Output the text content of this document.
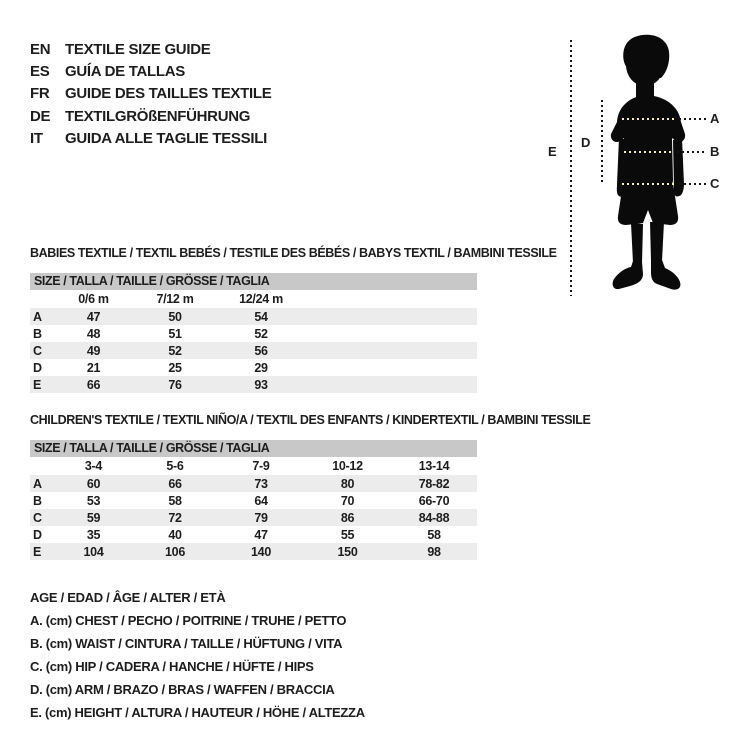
EN TEXTILE SIZE GUIDE
ES	GUÍA DE TALLAS
FR	GUIDE DES TAILLES TEXTILE
DE TEXTILGRÖßENFÜHRUNG
IT	GUIDA ALLE TAGLIE TESSILI
E
D
A
B
C
BABIES TEXTILE / TEXTIL BEBÉS / TESTILE DES BÉBÉS / BABYS TEXTIL / BAMBINI TESSILE
SIZE / TALLA / TAILLE / GRÖSSE / TAGLIA
0/6 m	7/12 m	12/24 m
A	47	50	54
B	48	51	52
C	49	52	56
D	21	25	29
E	66	76	93
CHILDREN'S TEXTILE / TEXTIL NIÑO/A / TEXTIL DES ENFANTS / KINDERTEXTIL / BAMBINI TESSILE
SIZE / TALLA / TAILLE / GRÖSSE / TAGLIA
3-4	5-6	7-9	10-12	13-14
A	60	66	73	80	78-82
B	53	58	64	70	66-70
C	59	72	79	86	84-88
D	35	40	47	55	58
E	104	106	140	150	98
AGE / EDAD / ÂGE / ALTER / ETÀ
A. (cm) CHEST / PECHO / POITRINE / TRUHE / PETTO
B. (cm) WAIST / CINTURA / TAILLE / HÜFTUNG / VITA
C. (cm) HIP / CADERA / HANCHE / HÜFTE / HIPS
D. (cm) ARM / BRAZO / BRAS / WAFFEN / BRACCIA
E. (cm) HEIGHT / ALTURA / HAUTEUR / HÖHE / ALTEZZA
